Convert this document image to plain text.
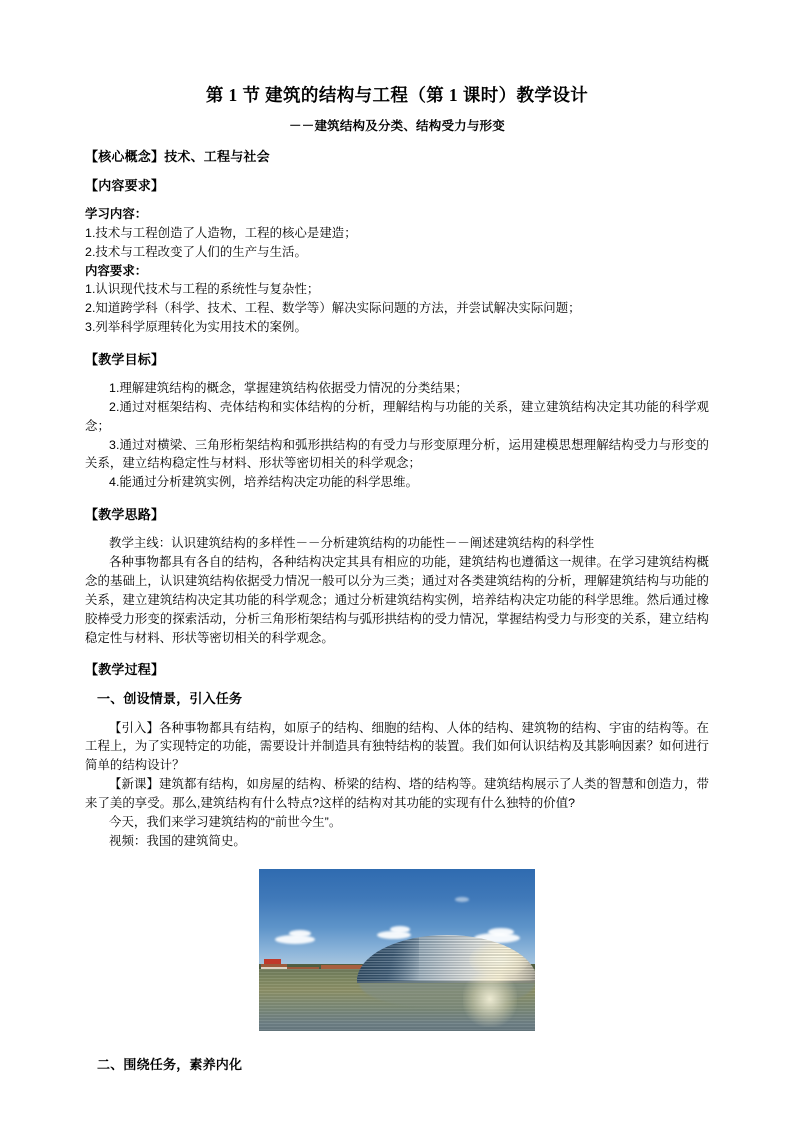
第 1 节 建筑的结构与工程（第 1 课时）教学设计
－－建筑结构及分类、结构受力与形变
【核心概念】技术、工程与社会
【内容要求】
学习内容：
1.技术与工程创造了人造物，工程的核心是建造；
2.技术与工程改变了人们的生产与生活。
内容要求：
1.认识现代技术与工程的系统性与复杂性；
2.知道跨学科（科学、技术、工程、数学等）解决实际问题的方法，并尝试解决实际问题；
3.列举科学原理转化为实用技术的案例。
【教学目标】
1.理解建筑结构的概念，掌握建筑结构依据受力情况的分类结果；
2.通过对框架结构、壳体结构和实体结构的分析，理解结构与功能的关系，建立建筑结构决定其功能的科学观念；
3.通过对横梁、三角形桁架结构和弧形拱结构的有受力与形变原理分析，运用建模思想理解结构受力与形变的关系，建立结构稳定性与材料、形状等密切相关的科学观念；
4.能通过分析建筑实例，培养结构决定功能的科学思维。
【教学思路】
教学主线：认识建筑结构的多样性－－分析建筑结构的功能性－－阐述建筑结构的科学性
各种事物都具有各自的结构，各种结构决定其具有相应的功能，建筑结构也遵循这一规律。在学习建筑结构概念的基础上，认识建筑结构依据受力情况一般可以分为三类；通过对各类建筑结构的分析，理解建筑结构与功能的关系，建立建筑结构决定其功能的科学观念；通过分析建筑结构实例，培养结构决定功能的科学思维。然后通过橡胶棒受力形变的探索活动，分析三角形桁架结构与弧形拱结构的受力情况，掌握结构受力与形变的关系，建立结构稳定性与材料、形状等密切相关的科学观念。
【教学过程】
一、创设情景，引入任务
【引入】各种事物都具有结构，如原子的结构、细胞的结构、人体的结构、建筑物的结构、宇宙的结构等。在工程上，为了实现特定的功能，需要设计并制造具有独特结构的装置。我们如何认识结构及其影响因素？如何进行简单的结构设计？
【新课】建筑都有结构，如房屋的结构、桥梁的结构、塔的结构等。建筑结构展示了人类的智慧和创造力，带来了美的享受。那么,建筑结构有什么特点?这样的结构对其功能的实现有什么独特的价值?
今天，我们来学习建筑结构的“前世今生”。
视频：我国的建筑简史。
二、围绕任务，素养内化
